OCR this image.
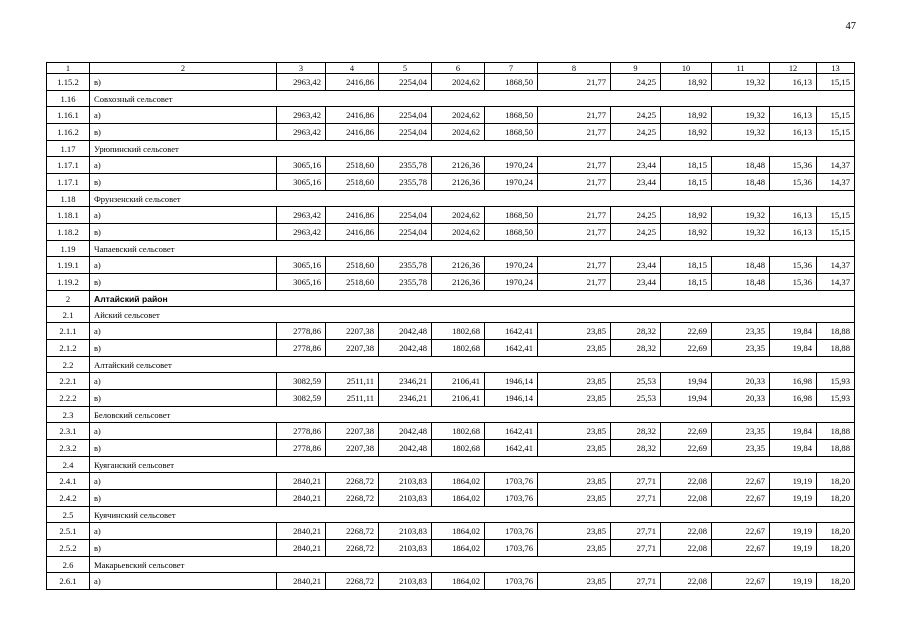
47
1	2	3	4	5	6	7	8	9	10	11	12	13
1.15.2	в)	2963,42	2416,86	2254,04	2024,62	1868,50	21,77	24,25	18,92	19,32	16,13	15,15
1.16	Совхозный сельсовет											
1.16.1	а)	2963,42	2416,86	2254,04	2024,62	1868,50	21,77	24,25	18,92	19,32	16,13	15,15
1.16.2	в)	2963,42	2416,86	2254,04	2024,62	1868,50	21,77	24,25	18,92	19,32	16,13	15,15
1.17	Урюпинский сельсовет											
1.17.1	а)	3065,16	2518,60	2355,78	2126,36	1970,24	21,77	23,44	18,15	18,48	15,36	14,37
1.17.1	в)	3065,16	2518,60	2355,78	2126,36	1970,24	21,77	23,44	18,15	18,48	15,36	14,37
1.18	Фрунзенский сельсовет											
1.18.1	а)	2963,42	2416,86	2254,04	2024,62	1868,50	21,77	24,25	18,92	19,32	16,13	15,15
1.18.2	в)	2963,42	2416,86	2254,04	2024,62	1868,50	21,77	24,25	18,92	19,32	16,13	15,15
1.19	Чапаевский сельсовет											
1.19.1	а)	3065,16	2518,60	2355,78	2126,36	1970,24	21,77	23,44	18,15	18,48	15,36	14,37
1.19.2	в)	3065,16	2518,60	2355,78	2126,36	1970,24	21,77	23,44	18,15	18,48	15,36	14,37
2	Алтайский район											
2.1	Айский сельсовет											
2.1.1	а)	2778,86	2207,38	2042,48	1802,68	1642,41	23,85	28,32	22,69	23,35	19,84	18,88
2.1.2	в)	2778,86	2207,38	2042,48	1802,68	1642,41	23,85	28,32	22,69	23,35	19,84	18,88
2.2	Алтайский сельсовет											
2.2.1	а)	3082,59	2511,11	2346,21	2106,41	1946,14	23,85	25,53	19,94	20,33	16,98	15,93
2.2.2	в)	3082,59	2511,11	2346,21	2106,41	1946,14	23,85	25,53	19,94	20,33	16,98	15,93
2.3	Беловский сельсовет											
2.3.1	а)	2778,86	2207,38	2042,48	1802,68	1642,41	23,85	28,32	22,69	23,35	19,84	18,88
2.3.2	в)	2778,86	2207,38	2042,48	1802,68	1642,41	23,85	28,32	22,69	23,35	19,84	18,88
2.4	Куяганский сельсовет											
2.4.1	а)	2840,21	2268,72	2103,83	1864,02	1703,76	23,85	27,71	22,08	22,67	19,19	18,20
2.4.2	в)	2840,21	2268,72	2103,83	1864,02	1703,76	23,85	27,71	22,08	22,67	19,19	18,20
2.5	Куячинский сельсовет											
2.5.1	а)	2840,21	2268,72	2103,83	1864,02	1703,76	23,85	27,71	22,08	22,67	19,19	18,20
2.5.2	в)	2840,21	2268,72	2103,83	1864,02	1703,76	23,85	27,71	22,08	22,67	19,19	18,20
2.6	Макарьевский сельсовет											
2.6.1	а)	2840,21	2268,72	2103,83	1864,02	1703,76	23,85	27,71	22,08	22,67	19,19	18,20
